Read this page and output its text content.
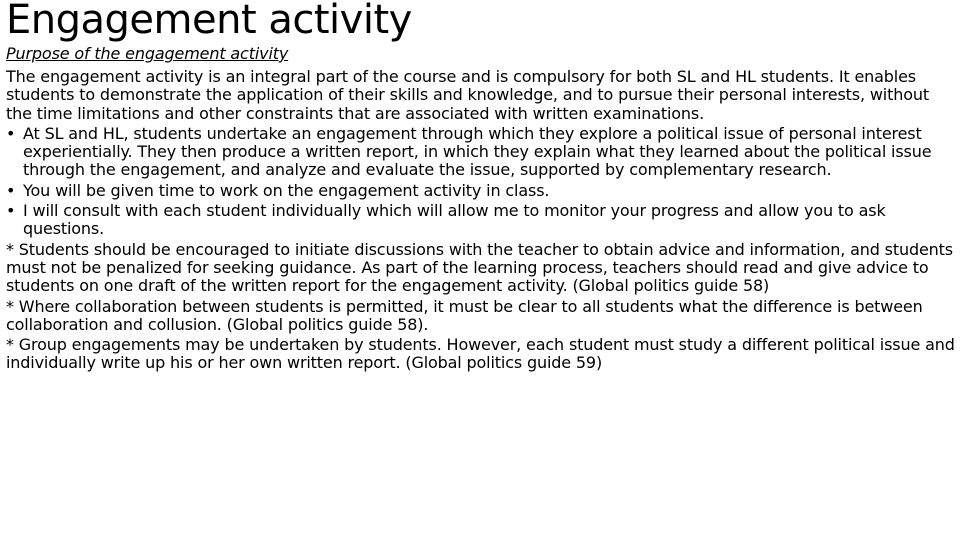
Engagement activity
Purpose of the engagement activity
The engagement activity is an integral part of the course and is compulsory for both SL and HL students. It enables students to demonstrate the application of their skills and knowledge, and to pursue their personal interests, without the time limitations and other constraints that are associated with written examinations.
• At SL and HL, students undertake an engagement through which they explore a political issue of personal interest experientially. They then produce a written report, in which they explain what they learned about the political issue through the engagement, and analyze and evaluate the issue, supported by complementary research.
• You will be given time to work on the engagement activity in class.
• I will consult with each student individually which will allow me to monitor your progress and allow you to ask questions.
* Students should be encouraged to initiate discussions with the teacher to obtain advice and information, and students must not be penalized for seeking guidance. As part of the learning process, teachers should read and give advice to students on one draft of the written report for the engagement activity. (Global politics guide 58)
* Where collaboration between students is permitted, it must be clear to all students what the difference is between collaboration and collusion. (Global politics guide 58).
* Group engagements may be undertaken by students. However, each student must study a different political issue and individually write up his or her own written report. (Global politics guide 59)
